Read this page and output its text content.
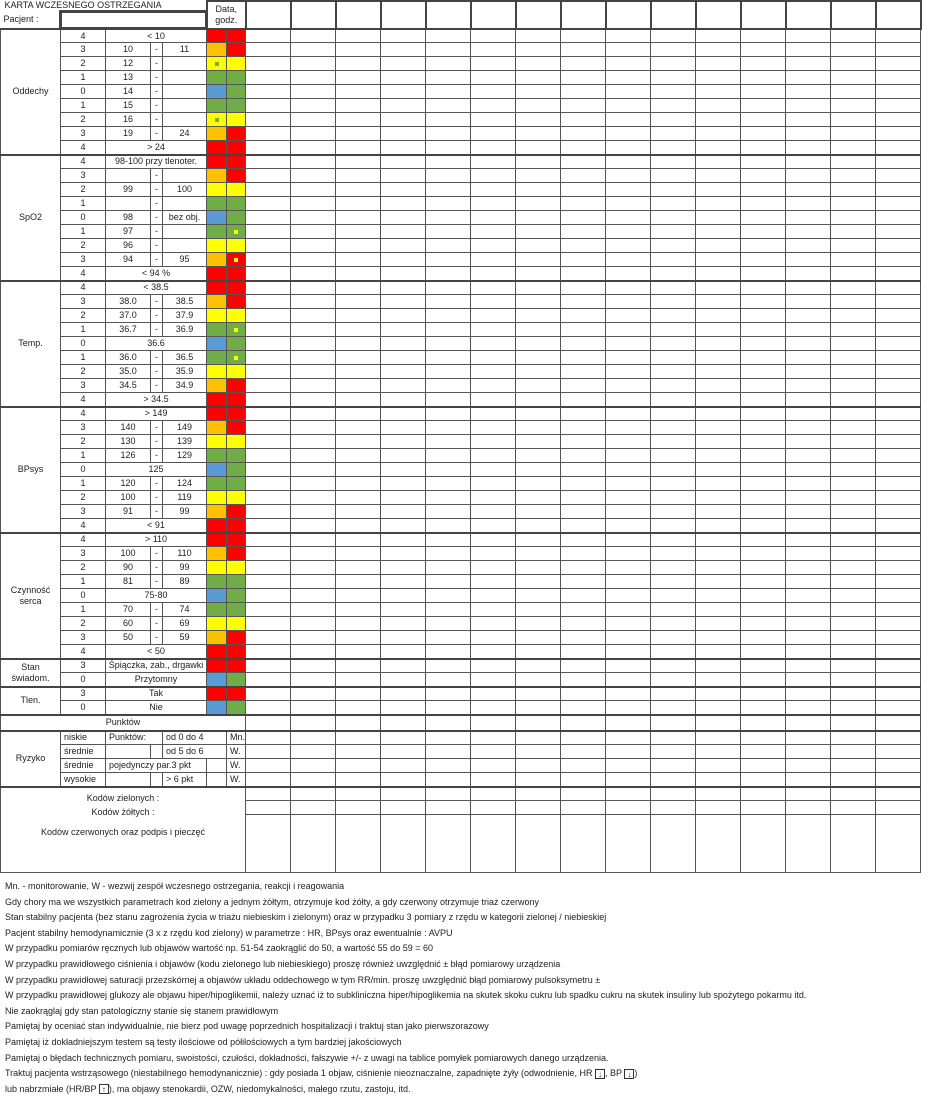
KARTA WCZESNEGO OSTRZEGANIA					Data,
godz.																
Pacjent :																					
Oddechy	4	< 10																			
	3	10	-	11																	
	2	12	-		

	1	13	-																		
	0	14	-																		
	1	15	-																		
	2	16	-		

	3	19	-	24																	
	4	> 24																			
SpO2	4	98-100 przy tlenoter.																			
	3		-																		
	2	99	-	100																	
	1		-																		
	0	98	-	bez obj.																	
	1	97	-			

	2	96	-																		
	3	94	-	95		

	4	< 94 %																			
Temp.	4	< 38.5																			
	3	38.0	-	38.5																	
	2	37.0	-	37.9																	
	1	36.7	-	36.9		

	0	36.6																			
	1	36.0	-	36.5		

	2	35.0	-	35.9																	
	3	34.5	-	34.9																	
	4	> 34.5																			
BPsys	4	> 149																			
	3	140	-	149																	
	2	130	-	139																	
	1	126	-	129																	
	0	125																			
	1	120	-	124																	
	2	100	-	119																	
	3	91	-	99																	
	4	< 91																			
Czynność
serca	4	> 110																			
	3	100	-	110																	
	2	90	-	99																	
	1	81	-	89																	
	0	75-80																			
	1	70	-	74																	
	2	60	-	69																	
	3	50	-	59																	
	4	< 50																			
Stan
świadom.	3	Śpiączka, zab., drgawki																			
	0	Przytomny																			
Tlen.	3	Tak																			
	0	Nie																			
Punktów																					
Ryzyko	niskie	Punktów:		od 0 do 4		Mn.															
	średnie			od 5 do 6		W.															
	średnie	pojedynczy par.3 pkt				W.															
	wysokie			> 6 pkt		W.															

Kodów zielonych :
Kodów żółtych :
Kodów czerwonych oraz podpis i pieczęć																					

Mn. - monitorowanie, W - wezwij zespół wczesnego ostrzegania, reakcji i reagowania
Gdy chory ma we wszystkich parametrach kod zielony a jednym żółtym, otrzymuje kod żółty, a gdy czerwony otrzymuje triaż czerwony
Stan stabilny pacjenta (bez stanu zagrożenia życia w triażu niebieskim i zielonym) oraz w przypadku 3 pomiary z rzędu w kategorii zielonej / niebieskiej
Pacjent stabilny hemodynamicznie (3 x z rzędu kod zielony) w parametrze : HR, BPsys oraz ewentualnie : AVPU
W przypadku pomiarów ręcznych lub objawów wartość np. 51-54 zaokrąglić do 50, a wartość 55 do 59 = 60
W przypadku prawidłowego ciśnienia i objawów (kodu zielonego lub niebieskiego) proszę również uwzględnić ± błąd pomiarowy urządzenia
W przypadku prawidłowej saturacji przezskórnej a objawów układu oddechowego w tym RR/min. proszę uwzględnić błąd pomiarowy pulsoksymetru ±
W przypadku prawidłowej glukozy ale objawu hiper/hipoglikemii, należy uznać iż to subkliniczna hiper/hipoglikemia na skutek skoku cukru lub spadku cukru na skutek insuliny lub spożytego pokarmu itd.
Nie zaokrąglaj gdy stan patologiczny stanie się stanem prawidłowym
Pamiętaj by oceniać stan indywidualnie, nie bierz pod uwagę poprzednich hospitalizacji i traktuj stan jako pierwszorazowy
Pamiętaj iż dokładniejszym testem są testy ilościowe od półilościowych a tym bardziej jakościowych
Pamiętaj o błędach technicznych pomiaru, swoistości, czułości, dokładności, fałszywie +/- z uwagi na tablice pomyłek pomiarowych danego urządzenia.
Traktuj pacjenta wstrząsowego (niestabilnego hemodynanicznie) : gdy posiada 1 objaw, ciśnienie nieoznaczalne, zapadnięte żyły (odwodnienie, HR ↓ , BP ↓ )
lub nabrzmiałe (HR/BP ↑ ), ma objawy stenokardii, OZW, niedomykalności, małego rzutu, zastoju, itd.
